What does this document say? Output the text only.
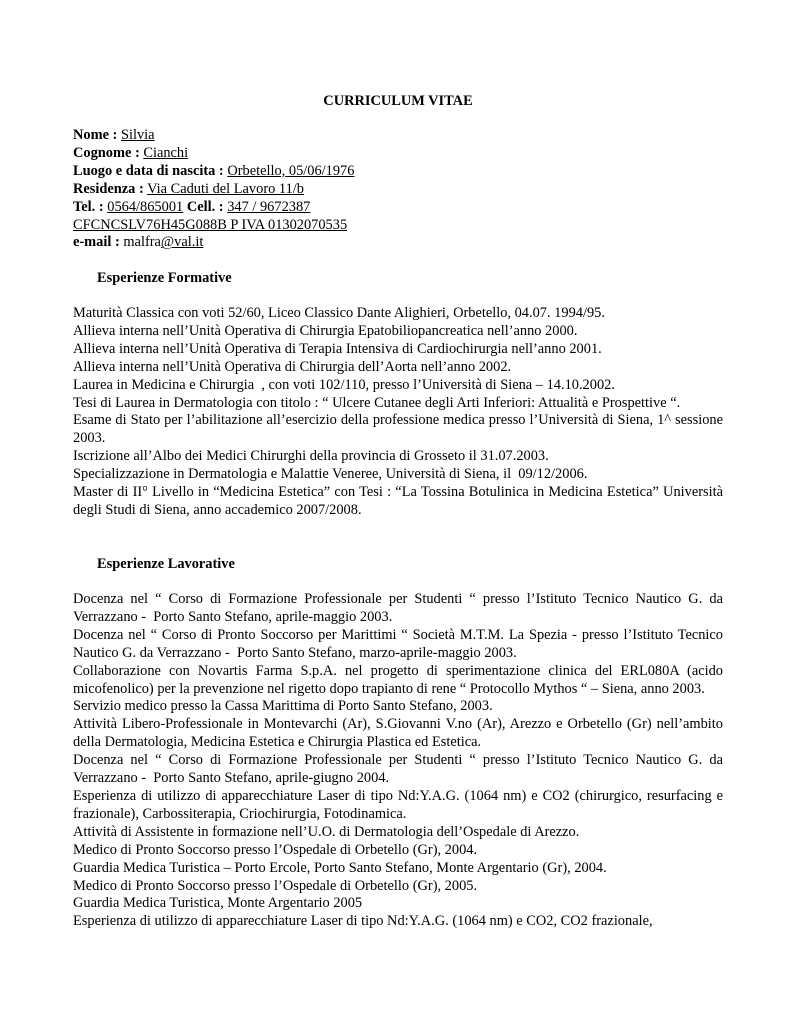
CURRICULUM VITAE

Nome : Silvia

Cognome : Cianchi

Luogo e data di nascita : Orbetello, 05/06/1976

Residenza : Via Caduti del Lavoro 11/b

Tel. : 0564/865001 Cell. : 347 / 9672387

CFCNCSLV76H45G088B P IVA 01302070535

e-mail : malfra@val.it

Esperienze Formative

Maturità Classica con voti 52/60, Liceo Classico Dante Alighieri, Orbetello, 04.07. 1994/95.

Allieva interna nell’Unità Operativa di Chirurgia Epatobiliopancreatica nell’anno 2000.

Allieva interna nell’Unità Operativa di Terapia Intensiva di Cardiochirurgia nell’anno 2001.

Allieva interna nell’Unità Operativa di Chirurgia dell’Aorta nell’anno 2002.

Laurea in Medicina e Chirurgia  , con voti 102/110, presso l’Università di Siena – 14.10.2002.

Tesi di Laurea in Dermatologia con titolo : “ Ulcere Cutanee degli Arti Inferiori: Attualità e Prospettive “.

Esame di Stato per l’abilitazione all’esercizio della professione medica presso l’Università di Siena, 1^ sessione 2003.

Iscrizione all’Albo dei Medici Chirurghi della provincia di Grosseto il 31.07.2003.

Specializzazione in Dermatologia e Malattie Veneree, Università di Siena, il  09/12/2006.

Master di II° Livello in “Medicina Estetica” con Tesi : “La Tossina Botulinica in Medicina Estetica” Università degli Studi di Siena, anno accademico 2007/2008.

Esperienze Lavorative

Docenza nel “ Corso di Formazione Professionale per Studenti “ presso l’Istituto Tecnico Nautico G. da Verrazzano -  Porto Santo Stefano, aprile-maggio 2003.

Docenza nel “ Corso di Pronto Soccorso per Marittimi “ Società M.T.M. La Spezia - presso l’Istituto Tecnico Nautico G. da Verrazzano -  Porto Santo Stefano, marzo-aprile-maggio 2003.

Collaborazione con Novartis Farma S.p.A. nel progetto di sperimentazione clinica del ERL080A (acido micofenolico) per la prevenzione nel rigetto dopo trapianto di rene “ Protocollo Mythos “ – Siena, anno 2003.

Servizio medico presso la Cassa Marittima di Porto Santo Stefano, 2003.

Attività Libero-Professionale in Montevarchi (Ar), S.Giovanni V.no (Ar), Arezzo e Orbetello (Gr) nell’ambito della Dermatologia, Medicina Estetica e Chirurgia Plastica ed Estetica.

Docenza nel “ Corso di Formazione Professionale per Studenti “ presso l’Istituto Tecnico Nautico G. da Verrazzano -  Porto Santo Stefano, aprile-giugno 2004.

Esperienza di utilizzo di apparecchiature Laser di tipo Nd:Y.A.G. (1064 nm) e CO2 (chirurgico, resurfacing e frazionale), Carbossiterapia, Criochirurgia, Fotodinamica.

Attività di Assistente in formazione nell’U.O. di Dermatologia dell’Ospedale di Arezzo.

Medico di Pronto Soccorso presso l’Ospedale di Orbetello (Gr), 2004.

Guardia Medica Turistica – Porto Ercole, Porto Santo Stefano, Monte Argentario (Gr), 2004.

Medico di Pronto Soccorso presso l’Ospedale di Orbetello (Gr), 2005.

Guardia Medica Turistica, Monte Argentario 2005

Esperienza di utilizzo di apparecchiature Laser di tipo Nd:Y.A.G. (1064 nm) e CO2, CO2 frazionale,
